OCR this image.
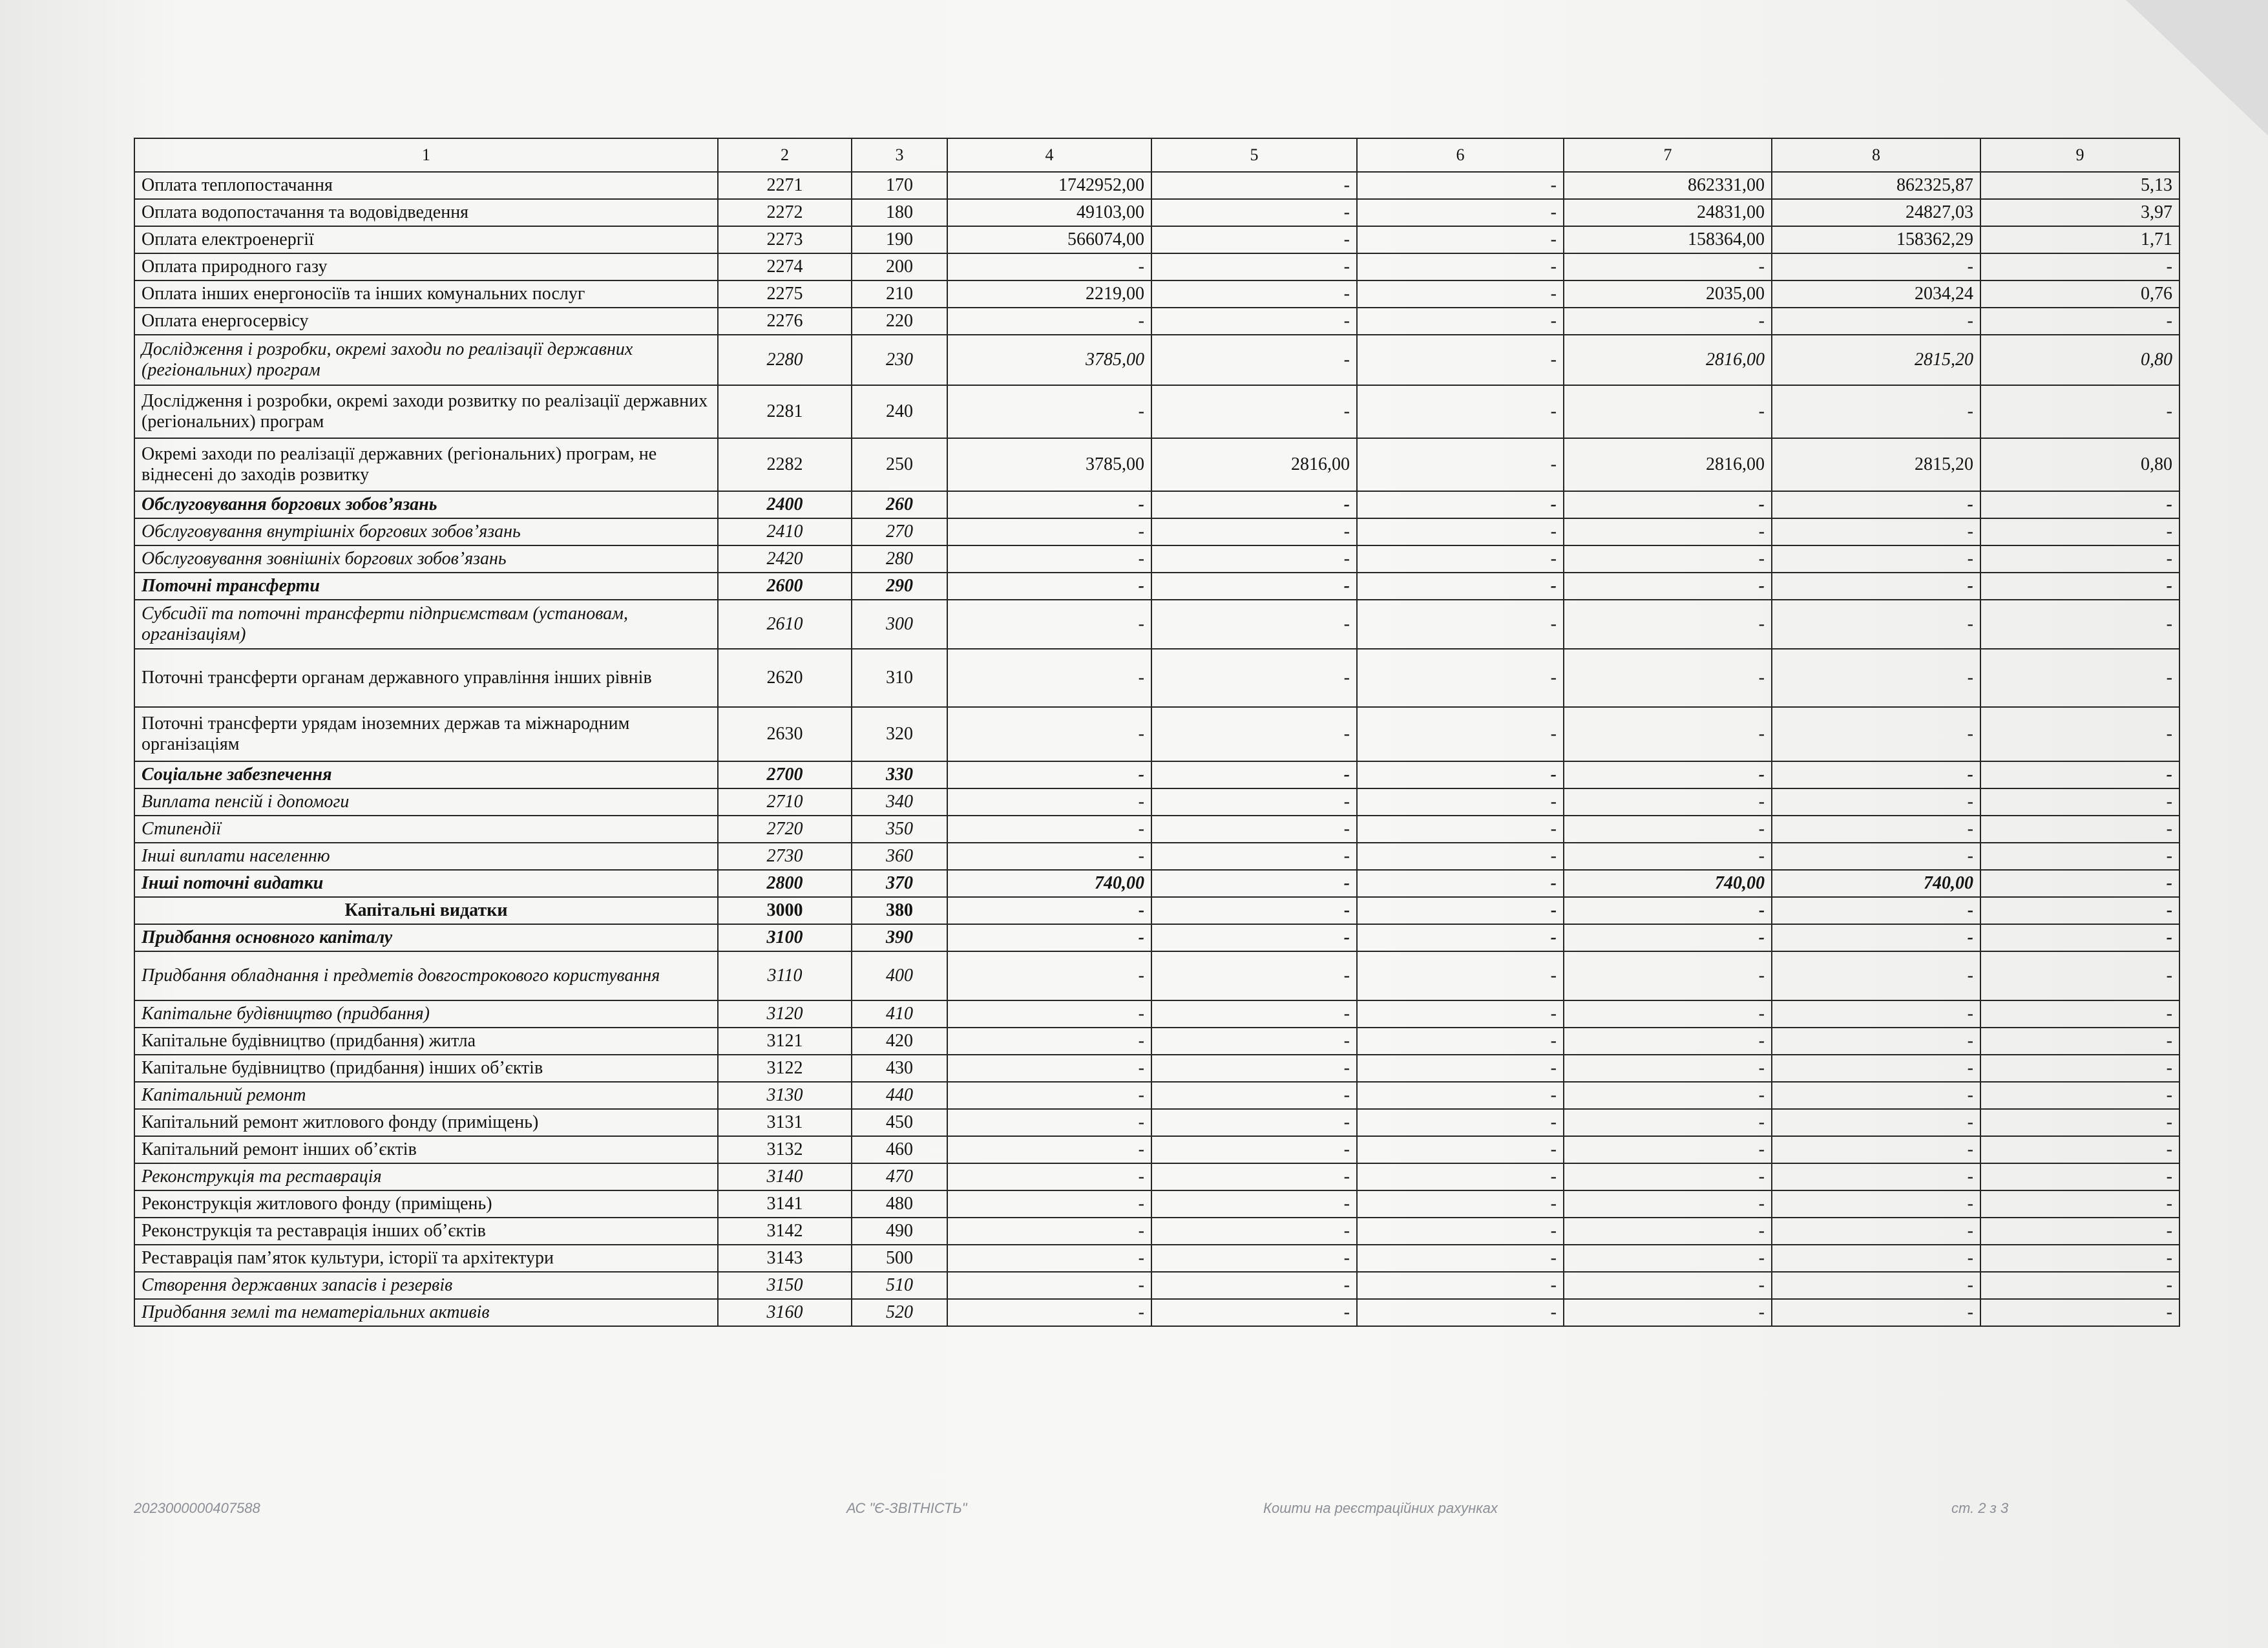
1	2	3	4	5	6	7	8	9
Оплата теплопостачання	2271	170	1742952,00	-	-	862331,00	862325,87	5,13
Оплата водопостачання та водовідведення	2272	180	49103,00	-	-	24831,00	24827,03	3,97
Оплата електроенергії	2273	190	566074,00	-	-	158364,00	158362,29	1,71
Оплата природного газу	2274	200	-	-	-	-	-	-
Оплата інших енергоносіїв та інших комунальних послуг	2275	210	2219,00	-	-	2035,00	2034,24	0,76
Оплата енергосервісу	2276	220	-	-	-	-	-	-
Дослідження і розробки, окремі заходи по реалізації державних (регіональних) програм	2280	230	3785,00	-	-	2816,00	2815,20	0,80
Дослідження і розробки, окремі заходи розвитку по реалізації державних (регіональних) програм	2281	240	-	-	-	-	-	-
Окремі заходи по реалізації державних (регіональних) програм, не віднесені до заходів розвитку	2282	250	3785,00	2816,00	-	2816,00	2815,20	0,80
Обслуговування боргових зобов’язань	2400	260	-	-	-	-	-	-
Обслуговування внутрішніх боргових зобов’язань	2410	270	-	-	-	-	-	-
Обслуговування зовнішніх боргових зобов’язань	2420	280	-	-	-	-	-	-
Поточні трансферти	2600	290	-	-	-	-	-	-
Субсидії та поточні трансферти підприємствам (установам, організаціям)	2610	300	-	-	-	-	-	-
Поточні трансферти органам державного управління інших рівнів	2620	310	-	-	-	-	-	-
Поточні трансферти урядам іноземних держав та міжнародним організаціям	2630	320	-	-	-	-	-	-
Соціальне забезпечення	2700	330	-	-	-	-	-	-
Виплата пенсій і допомоги	2710	340	-	-	-	-	-	-
Стипендії	2720	350	-	-	-	-	-	-
Інші виплати населенню	2730	360	-	-	-	-	-	-
Інші поточні видатки	2800	370	740,00	-	-	740,00	740,00	-
Капітальні видатки	3000	380	-	-	-	-	-	-
Придбання основного капіталу	3100	390	-	-	-	-	-	-
Придбання обладнання і предметів довгострокового користування	3110	400	-	-	-	-	-	-
Капітальне будівництво (придбання)	3120	410	-	-	-	-	-	-
Капітальне будівництво (придбання) житла	3121	420	-	-	-	-	-	-
Капітальне будівництво (придбання) інших об’єктів	3122	430	-	-	-	-	-	-
Капітальний ремонт	3130	440	-	-	-	-	-	-
Капітальний ремонт житлового фонду (приміщень)	3131	450	-	-	-	-	-	-
Капітальний ремонт інших об’єктів	3132	460	-	-	-	-	-	-
Реконструкція та реставрація	3140	470	-	-	-	-	-	-
Реконструкція житлового фонду (приміщень)	3141	480	-	-	-	-	-	-
Реконструкція та реставрація інших об’єктів	3142	490	-	-	-	-	-	-
Реставрація пам’яток культури, історії та архітектури	3143	500	-	-	-	-	-	-
Створення державних запасів і резервів	3150	510	-	-	-	-	-	-
Придбання землі та нематеріальних активів	3160	520	-	-	-	-	-	-
2023000000407588	АС "Є-ЗВІТНІСТЬ"	Кошти на реєстраційних рахунках	ст. 2 з 3
